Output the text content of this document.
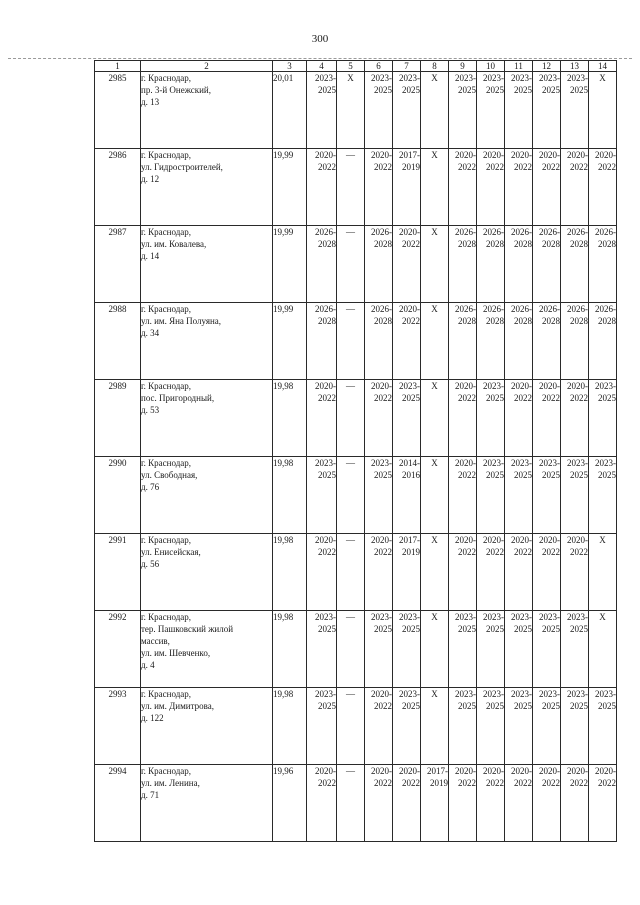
300
1	2	3	4	5	6	7	8	9	10	11	12	13	14
2985	г. Краснодар,
пр. 3-й Онежский,
д. 13	20,01	2023-
2025	Х	2023-
2025	2023-
2025	Х	2023-
2025	2023-
2025	2023-
2025	2023-
2025	2023-
2025	Х

2986	г. Краснодар,
ул. Гидростроителей,
д. 12	19,99	2020-
2022	—	2020-
2022	2017-
2019	Х	2020-
2022	2020-
2022	2020-
2022	2020-
2022	2020-
2022	2020-
2022

2987	г. Краснодар,
ул. им. Ковалева,
д. 14	19,99	2026-
2028	—	2026-
2028	2020-
2022	Х	2026-
2028	2026-
2028	2026-
2028	2026-
2028	2026-
2028	2026-
2028

2988	г. Краснодар,
ул. им. Яна Полуяна,
д. 34	19,99	2026-
2028	—	2026-
2028	2020-
2022	Х	2026-
2028	2026-
2028	2026-
2028	2026-
2028	2026-
2028	2026-
2028

2989	г. Краснодар,
пос. Пригородный,
д. 53	19,98	2020-
2022	—	2020-
2022	2023-
2025	Х	2020-
2022	2023-
2025	2020-
2022	2020-
2022	2020-
2022	2023-
2025

2990	г. Краснодар,
ул. Свободная,
д. 76	19,98	2023-
2025	—	2023-
2025	2014-
2016	Х	2020-
2022	2023-
2025	2023-
2025	2023-
2025	2023-
2025	2023-
2025

2991	г. Краснодар,
ул. Енисейская,
д. 56	19,98	2020-
2022	—	2020-
2022	2017-
2019	Х	2020-
2022	2020-
2022	2020-
2022	2020-
2022	2020-
2022	Х

2992	г. Краснодар,
тер. Пашковский жилой
массив,
ул. им. Шевченко,
д. 4	19,98	2023-
2025	—	2023-
2025	2023-
2025	Х	2023-
2025	2023-
2025	2023-
2025	2023-
2025	2023-
2025	Х

2993	г. Краснодар,
ул. им. Димитрова,
д. 122	19,98	2023-
2025	—	2020-
2022	2023-
2025	Х	2023-
2025	2023-
2025	2023-
2025	2023-
2025	2023-
2025	2023-
2025

2994	г. Краснодар,
ул. им. Ленина,
д. 71	19,96	2020-
2022	—	2020-
2022	2020-
2022	2017-
2019	2020-
2022	2020-
2022	2020-
2022	2020-
2022	2020-
2022	2020-
2022
